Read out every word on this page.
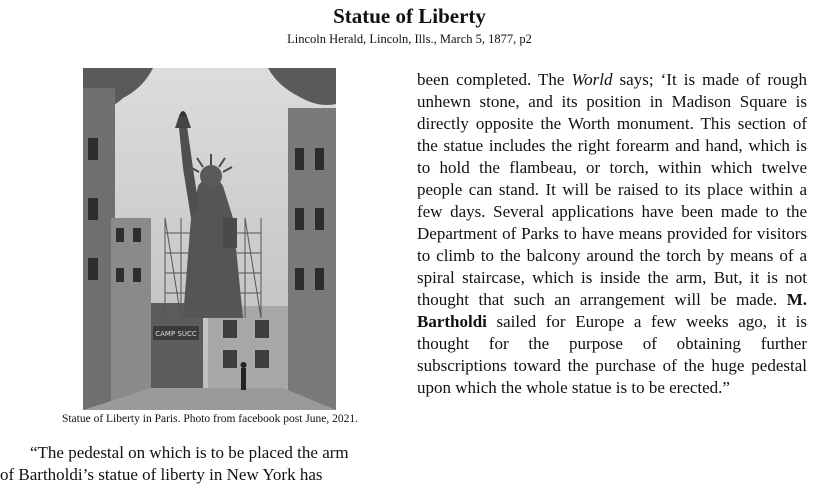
Statue of Liberty
Lincoln Herald, Lincoln, Ills., March 5, 1877, p2
CAMP SUCC
Statue of Liberty in Paris. Photo from facebook post June, 2021.

“The pedestal on which is to be placed the arm

of Bartholdi’s statue of liberty in New York has

been completed. The World says; ‘It is made of rough unhewn stone, and its position in Madison Square is directly opposite the Worth monument. This section of the statue includes the right forearm and hand, which is to hold the flambeau, or torch, within which twelve people can stand. It will be raised to its place within a few days. Several applications have been made to the Department of Parks to have means provided for visitors to climb to the balcony around the torch by means of a spiral staircase, which is inside the arm, But, it is not thought that such an arrangement will be made. M. Bartholdi sailed for Europe a few weeks ago, it is thought for the purpose of obtaining further subscriptions toward the purchase of the huge pedestal upon which the whole statue is to be erected.”
